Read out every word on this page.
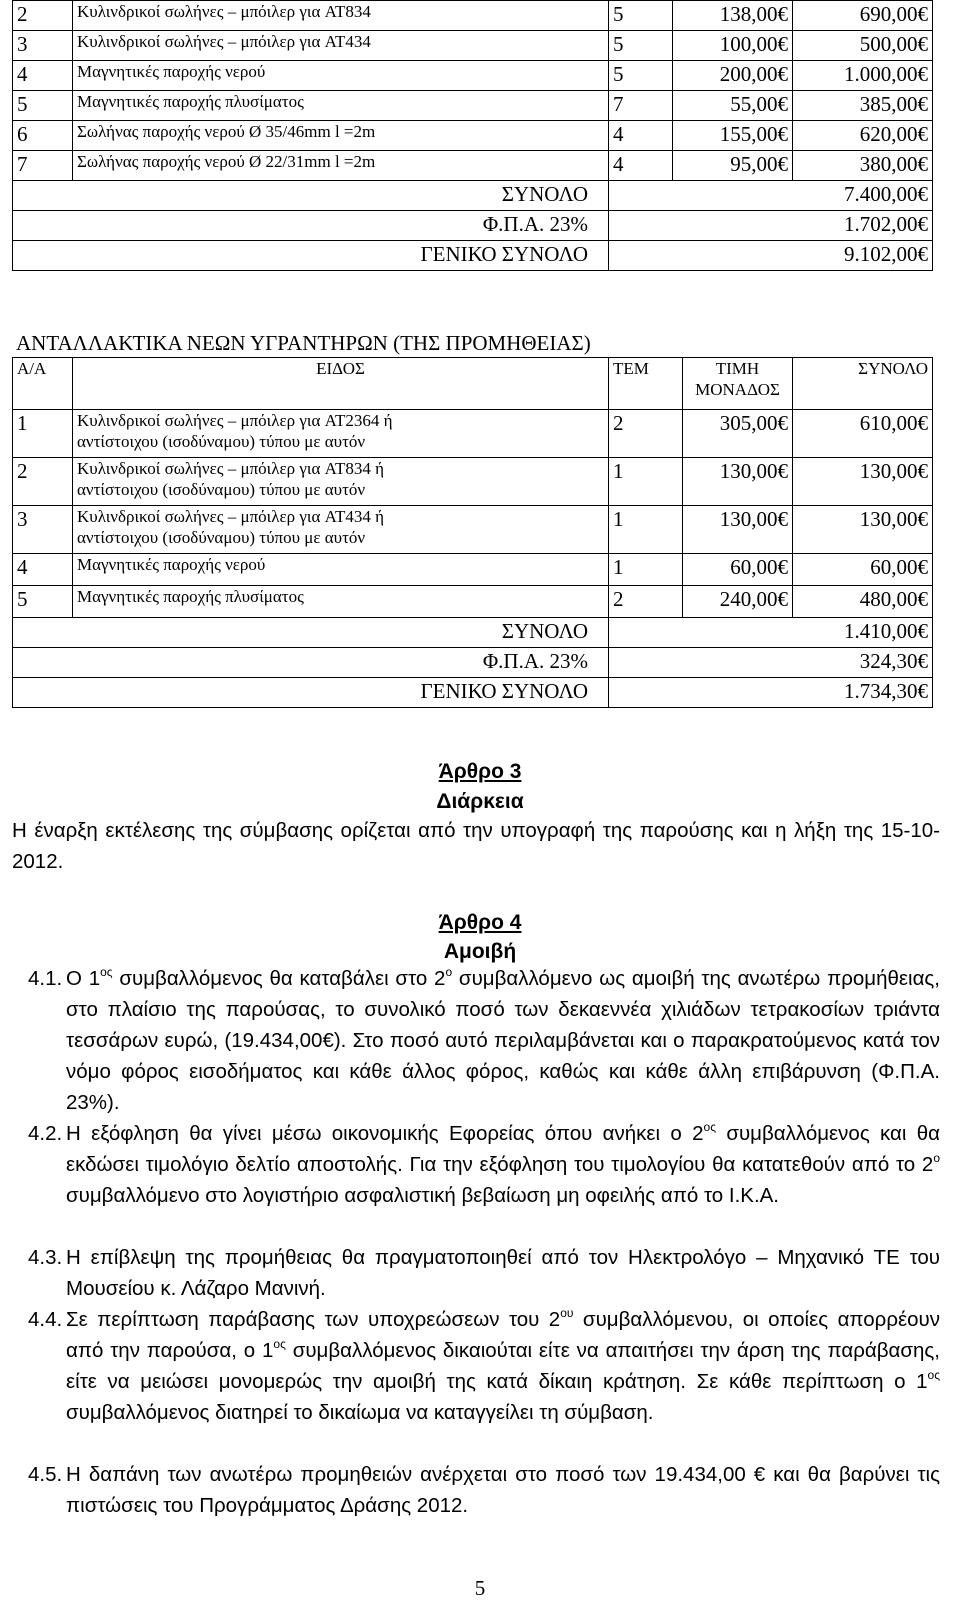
2	Κυλινδρικοί σωλήνες – μπόιλερ για AT834	5	138,00€	690,00€
3	Κυλινδρικοί σωλήνες – μπόιλερ για AT434	5	100,00€	500,00€
4	Μαγνητικές παροχής νερού	5	200,00€	1.000,00€
5	Μαγνητικές παροχής πλυσίματος	7	55,00€	385,00€
6	Σωλήνας παροχής νερού Ø 35/46mm l =2m	4	155,00€	620,00€
7	Σωλήνας παροχής νερού Ø 22/31mm l =2m	4	95,00€	380,00€
ΣΥΝΟΛΟ		7.400,00€		
Φ.Π.Α. 23%		1.702,00€		
ΓΕΝΙΚΟ ΣΥΝΟΛΟ		9.102,00€		
ΑΝΤΑΛΛΑΚΤΙΚΑ ΝΕΩΝ ΥΓΡΑΝΤΗΡΩΝ (ΤΗΣ ΠΡΟΜΗΘΕΙΑΣ)
Α/Α	ΕΙΔΟΣ	ΤΕΜ	ΤΙΜΗ
ΜΟΝΑΔΟΣ	ΣΥΝΟΛΟ
1	Κυλινδρικοί σωλήνες – μπόιλερ για AT2364 ή
αντίστοιχου (ισοδύναμου) τύπου με αυτόν	2	305,00€	610,00€
2	Κυλινδρικοί σωλήνες – μπόιλερ για AT834 ή
αντίστοιχου (ισοδύναμου) τύπου με αυτόν	1	130,00€	130,00€
3	Κυλινδρικοί σωλήνες – μπόιλερ για AT434 ή
αντίστοιχου (ισοδύναμου) τύπου με αυτόν	1	130,00€	130,00€
4	Μαγνητικές παροχής νερού	1	60,00€	60,00€
5	Μαγνητικές παροχής πλυσίματος	2	240,00€	480,00€
ΣΥΝΟΛΟ		1.410,00€		
Φ.Π.Α. 23%		324,30€		
ΓΕΝΙΚΟ ΣΥΝΟΛΟ		1.734,30€		
Άρθρο 3
Διάρκεια
Η έναρξη εκτέλεσης της σύμβασης ορίζεται από την υπογραφή της παρούσης και η λήξη της 15-10-2012.
Άρθρο 4
Αμοιβή
4.1. Ο $1^{o\varsigma}$ συμβαλλόμενος θα καταβάλει στο $2^o$ συμβαλλόμενο ως αμοιβή της ανωτέρω προμήθειας, στο πλαίσιο της παρούσας, το συνολικό ποσό των δεκαεννέα χιλιάδων τετρακοσίων τριάντα τεσσάρων ευρώ, (19.434,00€). Στο ποσό αυτό περιλαμβάνεται και ο παρακρατούμενος κατά τον νόμο φόρος εισοδήματος και κάθε άλλος φόρος, καθώς και κάθε άλλη επιβάρυνση (Φ.Π.Α. 23%).
4.2. Η εξόφληση θα γίνει μέσω οικονομικής Εφορείας όπου ανήκει ο $2^{o\varsigma}$ συμβαλλόμενος και θα εκδώσει τιμολόγιο δελτίο αποστολής. Για την εξόφληση του τιμολογίου θα κατατεθούν από το $2^o$ συμβαλλόμενο στο λογιστήριο ασφαλιστική βεβαίωση μη οφειλής από το Ι.Κ.Α.
4.3. Η επίβλεψη της προμήθειας θα πραγματοποιηθεί από τον Ηλεκτρολόγο – Μηχανικό ΤΕ του Μουσείου κ. Λάζαρο Μανινή.
4.4. Σε περίπτωση παράβασης των υποχρεώσεων του $2^{o\upsilon}$ συμβαλλόμενου, οι οποίες απορρέουν από την παρούσα, ο $1^{o\varsigma}$ συμβαλλόμενος δικαιούται είτε να απαιτήσει την άρση της παράβασης, είτε να μειώσει μονομερώς την αμοιβή της κατά δίκαιη κράτηση. Σε κάθε περίπτωση ο $1^{o\varsigma}$ συμβαλλόμενος διατηρεί το δικαίωμα να καταγγείλει τη σύμβαση.
4.5. Η δαπάνη των ανωτέρω προμηθειών ανέρχεται στο ποσό των 19.434,00 € και θα βαρύνει τις πιστώσεις του Προγράμματος Δράσης 2012.
5
